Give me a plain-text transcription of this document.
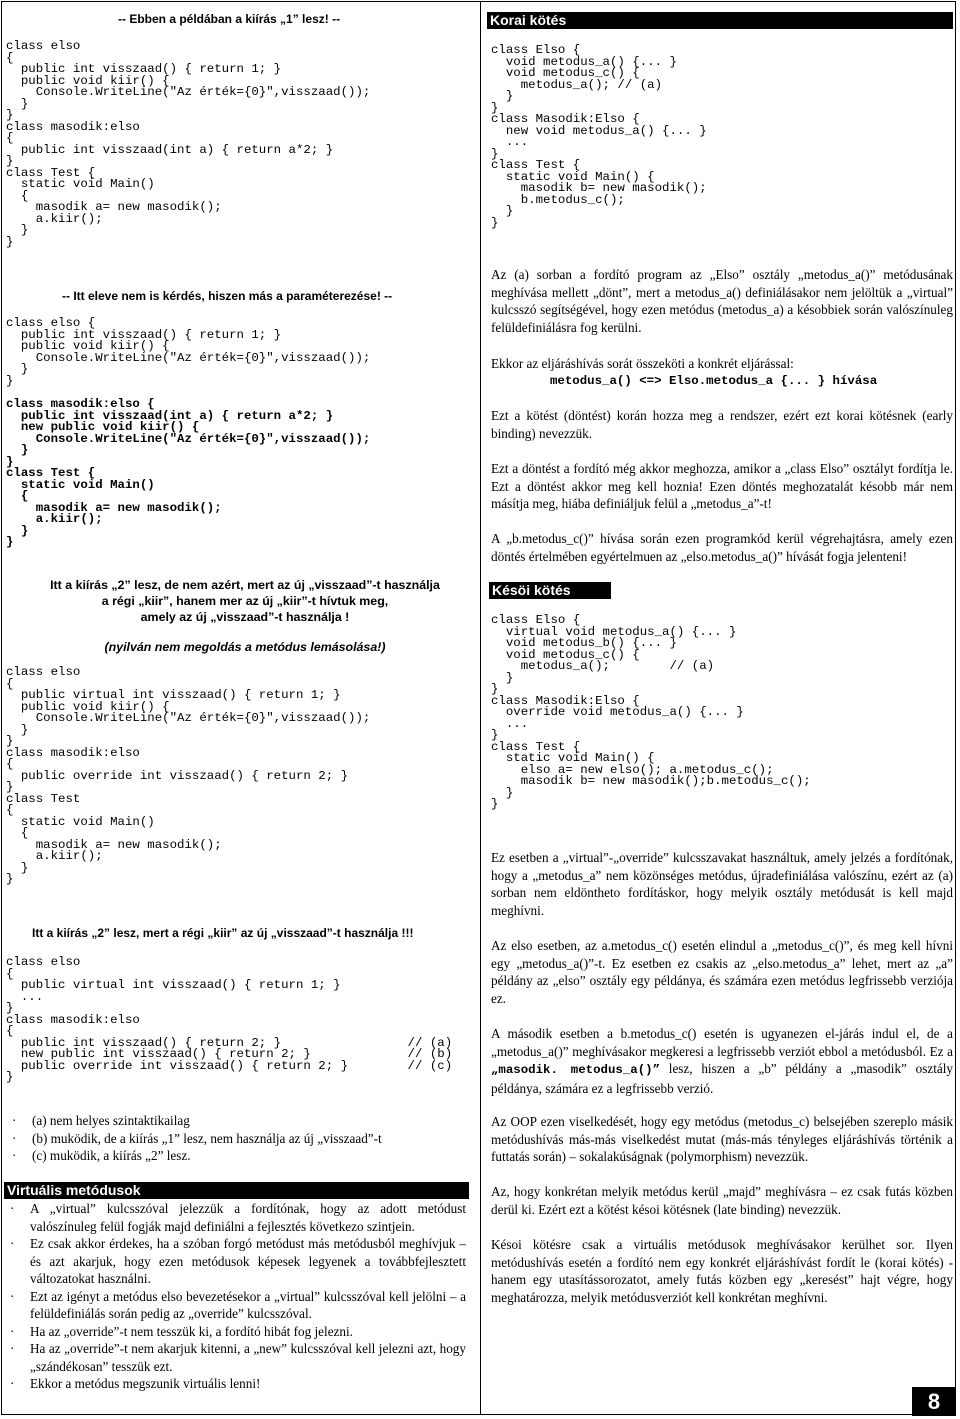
-- Ebben a példában a kiírás „1” lesz! --
class elso
{
public int visszaad() { return 1; }
public void kiir() {
Console.WriteLine("Az érték={0}",visszaad());
}
}
class masodik:elso
{
public int visszaad(int a) { return a*2; }
}
class Test {
static void Main()
{
masodik a= new masodik();
a.kiir();
}
}
-- Itt eleve nem is kérdés, hiszen más a paraméterezése! --
class elso {
public int visszaad() { return 1; }
public void kiir() {
Console.WriteLine("Az érték={0}",visszaad());
}
}
class masodik:elso {
public int visszaad(int a) { return a*2; }
new public void kiir() {
Console.WriteLine("Az érték={0}",visszaad());
}
}
class Test {
static void Main()
{
masodik a= new masodik();
a.kiir();
}
}
Itt a kiírás „2” lesz, de nem azért, mert az új „visszaad”-t használja
a régi „kiir”, hanem mer az új „kiir”-t hívtuk meg,
amely az új „visszaad”-t használja !
(nyilván nem megoldás a metódus lemásolása!)
class elso
{
public virtual int visszaad() { return 1; }
public void kiir() {
Console.WriteLine("Az érték={0}",visszaad());
}
}
class masodik:elso
{
public override int visszaad() { return 2; }
}
class Test
{
static void Main()
{
masodik a= new masodik();
a.kiir();
}
}
Itt a kiírás „2” lesz, mert a régi „kiir” az új „visszaad”-t használja !!!
class elso
{
public virtual int visszaad() { return 1; }
...
}
class masodik:elso
{
public int visszaad() { return 2; }                 // (a)
new public int visszaad() { return 2; }             // (b)
public override int visszaad() { return 2; }        // (c)
}
· (a) nem helyes szintaktikailag
· (b) muködik, de a kiírás „1” lesz, nem használja az új „visszaad”-t
· (c) muködik, a kiírás „2” lesz.
Virtuális metódusok
· A „virtual” kulcsszóval jelezzük a fordítónak, hogy az adott metódust valószínuleg felül fogják majd definiálni a fejlesztés következo szintjein.
· Ez csak akkor érdekes, ha a szóban forgó metódust más metódusból meghívjuk – és azt akarjuk, hogy ezen metódusok képesek legyenek a továbbfejlesztett változatokat használni.
· Ezt az igényt a metódus elso bevezetésekor a „virtual” kulcsszóval kell jelölni – a felüldefiniálás során pedig az „override” kulcsszóval.
· Ha az „override”-t nem tesszük ki, a fordító hibát fog jelezni.
· Ha az „override”-t nem akarjuk kitenni, a „new” kulcsszóval kell jelezni azt, hogy „szándékosan” tesszük ezt.
· Ekkor a metódus megszunik virtuális lenni!
Korai kötés
class Elso {
void metodus_a() {... }
void metodus_c() {
metodus_a(); // (a)
}
}
class Masodik:Elso {
new void metodus_a() {... }
...
}
class Test {
static void Main() {
masodik b= new masodik();
b.metodus_c();
}
}
Az (a) sorban a fordító program az „Elso” osztály „metodus_a()” metódusának meghívása mellett „dönt”, mert a metodus_a() definiálásakor nem jelöltük a „virtual” kulcsszó segítségével, hogy ezen metódus (metodus_a) a késobbiek során valószínuleg felüldefiniálásra fog kerülni.
Ekkor az eljáráshívás sorát összeköti a konkrét eljárással:
metodus_a() <=> Elso.metodus_a {... } hívása
Ezt a kötést (döntést) korán hozza meg a rendszer, ezért ezt korai kötésnek (early binding) nevezzük.
Ezt a döntést a fordító még akkor meghozza, amikor a „class Elso” osztályt fordítja le. Ezt a döntést akkor meg kell hoznia! Ezen döntés meghozatalát késobb már nem másítja meg, hiába definiáljuk felül a „metodus_a”-t!
A „b.metodus_c()” hívása során ezen programkód kerül végrehajtásra, amely ezen döntés értelmében egyértelmuen az „elso.metodus_a()” hívását fogja jelenteni!
Késöi kötés
class Elso {
virtual void metodus_a() {... }
void metodus_b() {... }
void metodus_c() {
metodus_a();        // (a)
}
}
class Masodik:Elso {
override void metodus_a() {... }
...
}
class Test {
static void Main() {
elso a= new elso(); a.metodus_c();
masodik b= new masodik();b.metodus_c();
}
}
Ez esetben a „virtual”-„override” kulcsszavakat használtuk, amely jelzés a fordítónak, hogy a „metodus_a” nem közönséges metódus, újradefiniálása valószínu, ezért az (a) sorban nem eldöntheto fordításkor, hogy melyik osztály metódusát is kell majd meghívni.
Az elso esetben, az a.metodus_c() esetén elindul a „metodus_c()”, és meg kell hívni egy „metodus_a()”-t. Ez esetben ez csakis az „elso.metodus_a” lehet, mert az „a” példány az „elso” osztály egy példánya, és számára ezen metódus legfrissebb verziója ez.
A második esetben a b.metodus_c() esetén is ugyanezen el-járás indul el, de a „metodus_a()” meghívásakor megkeresi a legfrissebb verziót ebbol a metódusból. Ez a „masodik. metodus_a()” lesz, hiszen a „b” példány a „masodik” osztály példánya, számára ez a legfrissebb verzió.
Az OOP ezen viselkedését, hogy egy metódus (metodus_c) belsejében szereplo másik metódushívás más-más viselkedést mutat (más-más tényleges eljáráshívás történik a futtatás során) – sokalakúságnak (polymorphism) nevezzük.
Az, hogy konkrétan melyik metódus kerül „majd” meghívásra – ez csak futás közben derül ki. Ezért ezt a kötést késoi kötésnek (late binding) nevezzük.
Késoi kötésre csak a virtuális metódusok meghívásakor kerülhet sor. Ilyen metódushívás esetén a fordító nem egy konkrét eljáráshívást fordít le (korai kötés) - hanem egy utasítássorozatot, amely futás közben egy „keresést” hajt végre, hogy meghatározza, melyik metódusverziót kell konkrétan meghívni.
8
